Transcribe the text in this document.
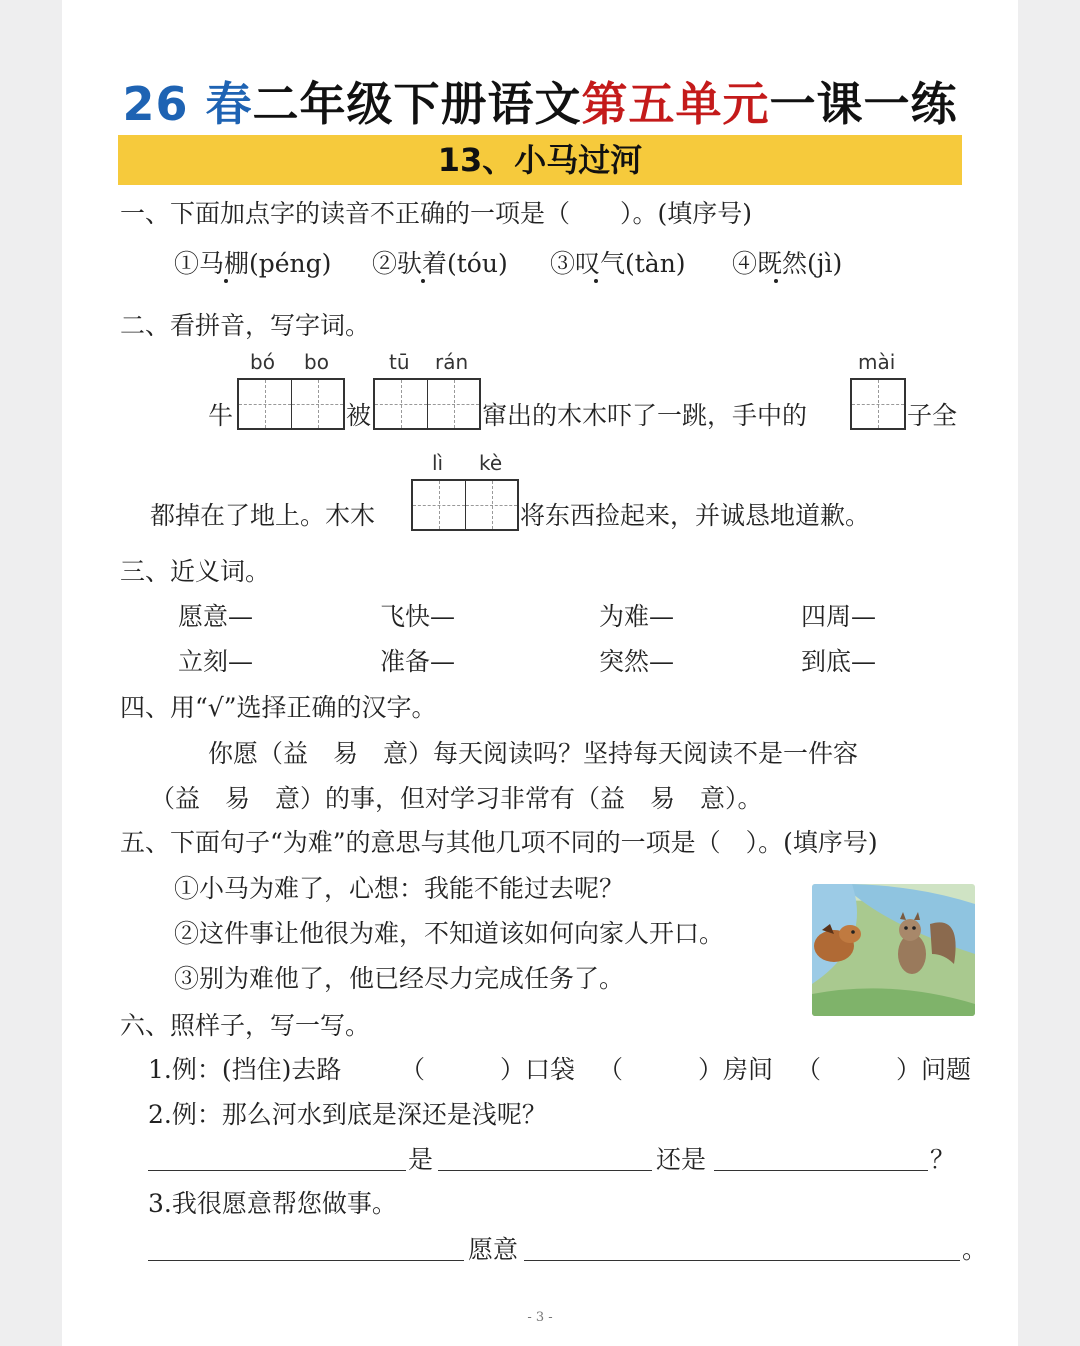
26 春二年级下册语文第五单元一课一练
13、小马过河
一、下面加点字的读音不正确的一项是（　　）。(填序号)
①马棚(péng) ②驮着(tóu) ③叹气(tàn) ④既然(jì)
二、看拼音，写字词。
bó bo	tū rán	mài
牛	被	窜出的木木吓了一跳，手中的	子全
lì kè
都掉在了地上。木木	将东西捡起来，并诚恳地道歉。
三、近义词。
愿意—	飞快—	为难—	四周—
立刻—	准备—	突然—	到底—
四、用“√”选择正确的汉字。
你愿（益　易　意）每天阅读吗？坚持每天阅读不是一件容
（益　易　意）的事，但对学习非常有（益　易　意）。
五、下面句子“为难”的意思与其他几项不同的一项是（　）。(填序号)
①小马为难了，心想：我能不能过去呢？
②这件事让他很为难，不知道该如何向家人开口。
③别为难他了，他已经尽力完成任务了。
六、照样子，写一写。
1.例：(挡住)去路 （　　　）口袋 （　　　）房间 （　　　）问题
2.例：那么河水到底是深还是浅呢？
是	还是	？
3.我很愿意帮您做事。
愿意	。
- 3 -
